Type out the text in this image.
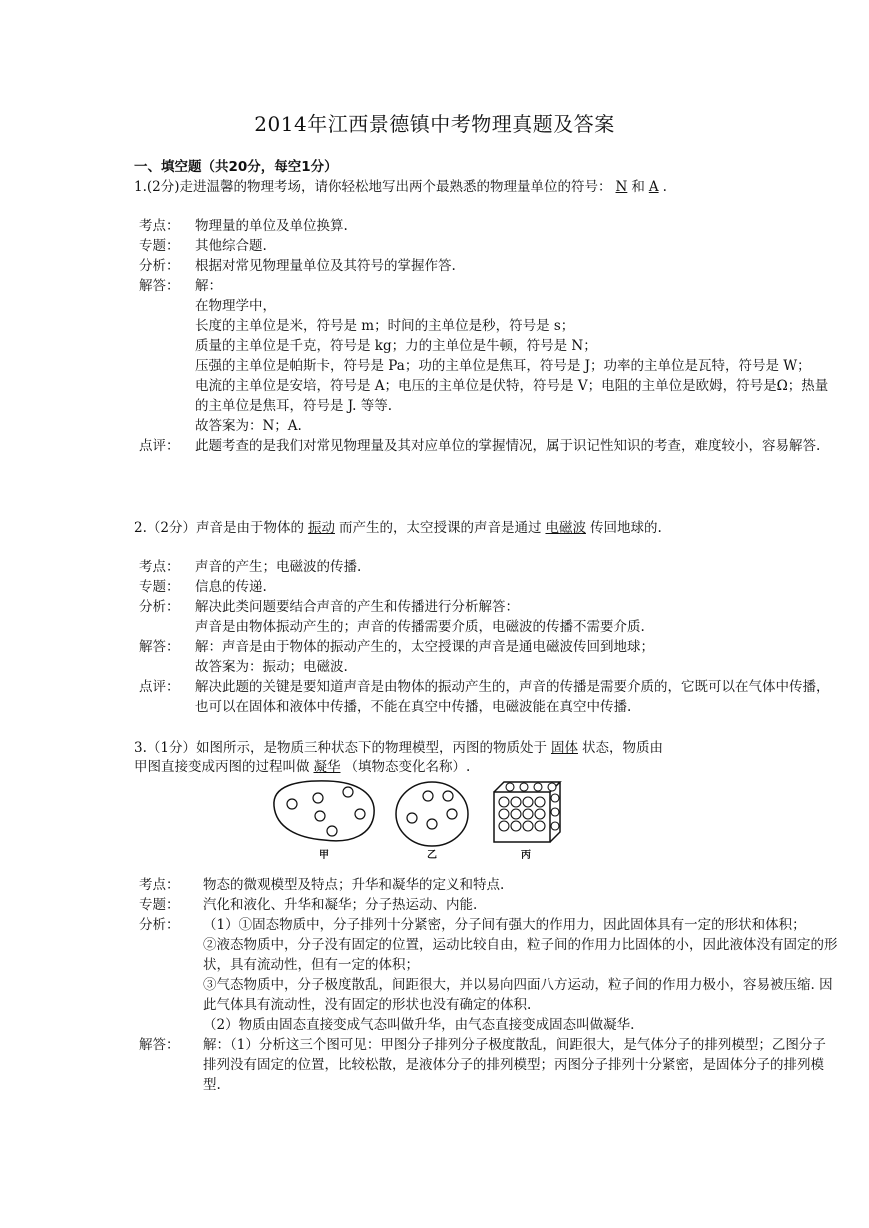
2014年江西景德镇中考物理真题及答案
一、填空题（共20分，每空1分）
1.(2分)走进温馨的物理考场，请你轻松地写出两个最熟悉的物理量单位的符号： N 和 A .
考点：	物理量的单位及单位换算.
专题：	其他综合题.
分析：	根据对常见物理量单位及其符号的掌握作答.
解答：	解：

在物理学中，

长度的主单位是米，符号是 m；时间的主单位是秒，符号是 s；

质量的主单位是千克，符号是 kg；力的主单位是牛顿，符号是 N；

压强的主单位是帕斯卡，符号是 Pa；功的主单位是焦耳，符号是 J；功率的主单位是瓦特，符号是 W；

电流的主单位是安培，符号是 A；电压的主单位是伏特，符号是 V；电阻的主单位是欧姆，符号是Ω；热量的主单位是焦耳，符号是 J. 等等.

故答案为：N；A.

点评：	此题考查的是我们对常见物理量及其对应单位的掌握情况，属于识记性知识的考查，难度较小，容易解答.
2.（2分）声音是由于物体的 振动 而产生的，太空授课的声音是通过 电磁波 传回地球的.
考点：	声音的产生；电磁波的传播.
专题：	信息的传递.
分析：	解决此类问题要结合声音的产生和传播进行分析解答：

声音是由物体振动产生的；声音的传播需要介质，电磁波的传播不需要介质.

解答：	解：声音是由于物体的振动产生的，太空授课的声音是通电磁波传回到地球；

故答案为：振动；电磁波.

点评：	解决此题的关键是要知道声音是由物体的振动产生的，声音的传播是需要介质的，它既可以在气体中传播，也可以在固体和液体中传播，不能在真空中传播，电磁波能在真空中传播.
3.（1分）如图所示，是物质三种状态下的物理模型，丙图的物质处于 固体 状态，物质由
甲图直接变成丙图的过程叫做 凝华 （填物态变化名称）.
甲	乙	丙
考点：	物态的微观模型及特点；升华和凝华的定义和特点.
专题：	汽化和液化、升华和凝华；分子热运动、内能.
分析：	（1）①固态物质中，分子排列十分紧密，分子间有强大的作用力，因此固体具有一定的形状和体积；

②液态物质中，分子没有固定的位置，运动比较自由，粒子间的作用力比固体的小，因此液体没有固定的形状，具有流动性，但有一定的体积；

③气态物质中，分子极度散乱，间距很大，并以易向四面八方运动，粒子间的作用力极小，容易被压缩. 因此气体具有流动性，没有固定的形状也没有确定的体积.

（2）物质由固态直接变成气态叫做升华，由气态直接变成固态叫做凝华.

解答：	解：（1）分析这三个图可见：甲图分子排列分子极度散乱，间距很大，是气体分子的排列模型；乙图分子排列没有固定的位置，比较松散，是液体分子的排列模型；丙图分子排列十分紧密，是固体分子的排列模型.
